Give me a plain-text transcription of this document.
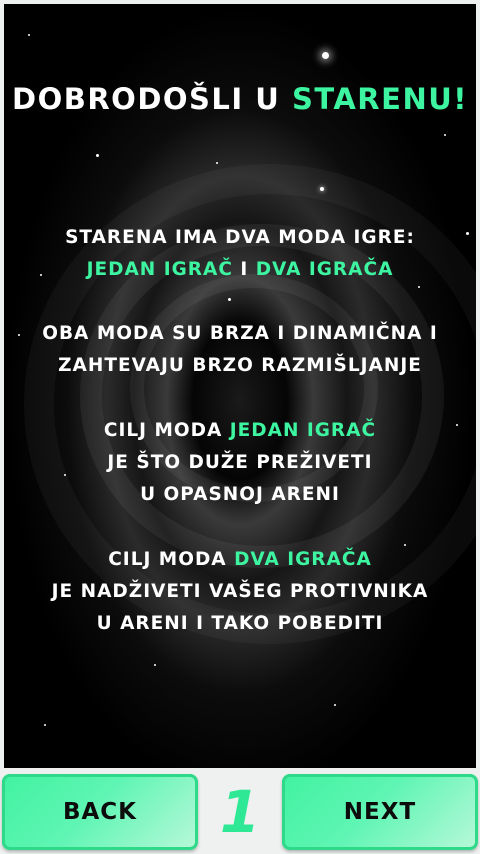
DOBRODOŠLI U STARENU!
STARENA IMA DVA MODA IGRE:
JEDAN IGRAČ I DVA IGRAČA
OBA MODA SU BRZA I DINAMIČNA I
ZAHTEVAJU BRZO RAZMIŠLJANJE
CILJ MODA JEDAN IGRAČ
JE ŠTO DUŽE PREŽIVETI
U OPASNOJ ARENI
CILJ MODA DVA IGRAČA
JE NADŽIVETI VAŠEG PROTIVNIKA
U ARENI I TAKO POBEDITI
BACK	1	NEXT
